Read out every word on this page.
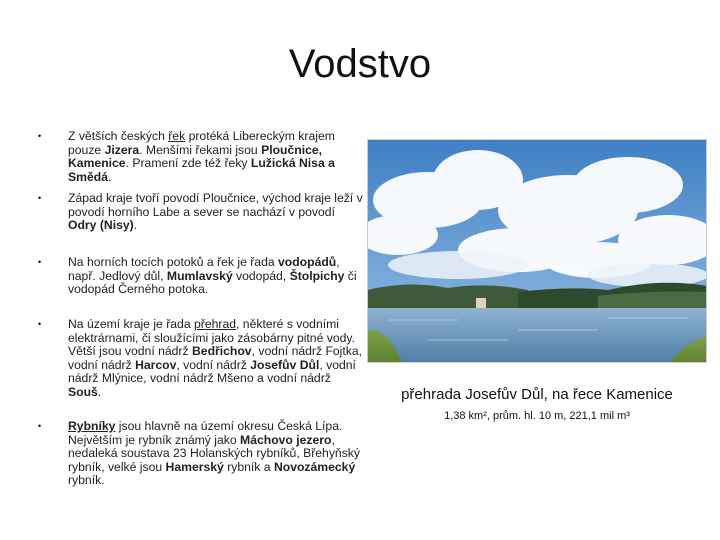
Vodstvo
• Z větších českých řek protéká Libereckým krajem pouze Jizera. Menšími řekami jsou Ploučnice, Kamenice. Pramení zde též řeky Lužická Nisa a Smědá.
• Západ kraje tvoří povodí Ploučnice, východ kraje leží v povodí horního Labe a sever se nachází v povodí Odry (Nisy).
• Na horních tocích potoků a řek je řada vodopádů, např. Jedlový důl, Mumlavský vodopád, Štolpichy či vodopád Černého potoka.
• Na území kraje je řada přehrad, některé s vodními elektrárnami, či sloužícími jako zásobárny pitné vody. Větší jsou vodní nádrž Bedřichov, vodní nádrž Fojtka, vodní nádrž Harcov, vodní nádrž Josefův Důl, vodní nádrž Mlýnice, vodní nádrž Mšeno a vodní nádrž Souš.
• Rybníky jsou hlavně na území okresu Česká Lípa. Největším je rybník známý jako Máchovo jezero, nedaleká soustava 23 Holanských rybníků, Břehyňský rybník, velké jsou Hamerský rybník a Novozámecký rybník.
přehrada Josefův Důl, na řece Kamenice
1,38 km², prům. hl. 10 m, 221,1 mil m³
